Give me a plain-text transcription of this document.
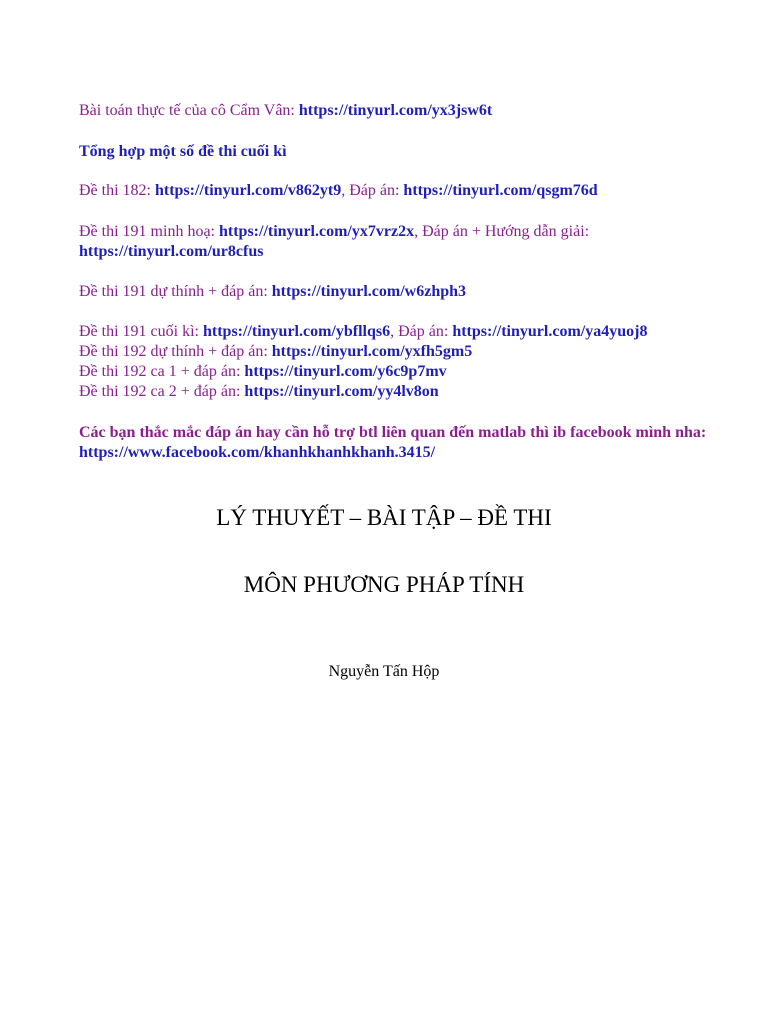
Bài toán thực tế của cô Cẩm Vân: https://tinyurl.com/yx3jsw6t
Tổng hợp một số đề thi cuối kì
Đề thi 182: https://tinyurl.com/v862yt9, Đáp án: https://tinyurl.com/qsgm76d
Đề thi 191 minh hoạ: https://tinyurl.com/yx7vrz2x, Đáp án + Hướng dẫn giải:
https://tinyurl.com/ur8cfus
Đề thi 191 dự thính + đáp án: https://tinyurl.com/w6zhph3
Đề thi 191 cuối kì: https://tinyurl.com/ybfllqs6, Đáp án: https://tinyurl.com/ya4yuoj8
Đề thi 192 dự thính + đáp án: https://tinyurl.com/yxfh5gm5
Đề thi 192 ca 1 + đáp án: https://tinyurl.com/y6c9p7mv
Đề thi 192 ca 2 + đáp án: https://tinyurl.com/yy4lv8on
Các bạn thắc mắc đáp án hay cần hỗ trợ btl liên quan đến matlab thì ib facebook mình nha:
https://www.facebook.com/khanhkhanhkhanh.3415/
LÝ THUYẾT – BÀI TẬP – ĐỀ THI
MÔN PHƯƠNG PHÁP TÍNH
Nguyễn Tấn Hộp
